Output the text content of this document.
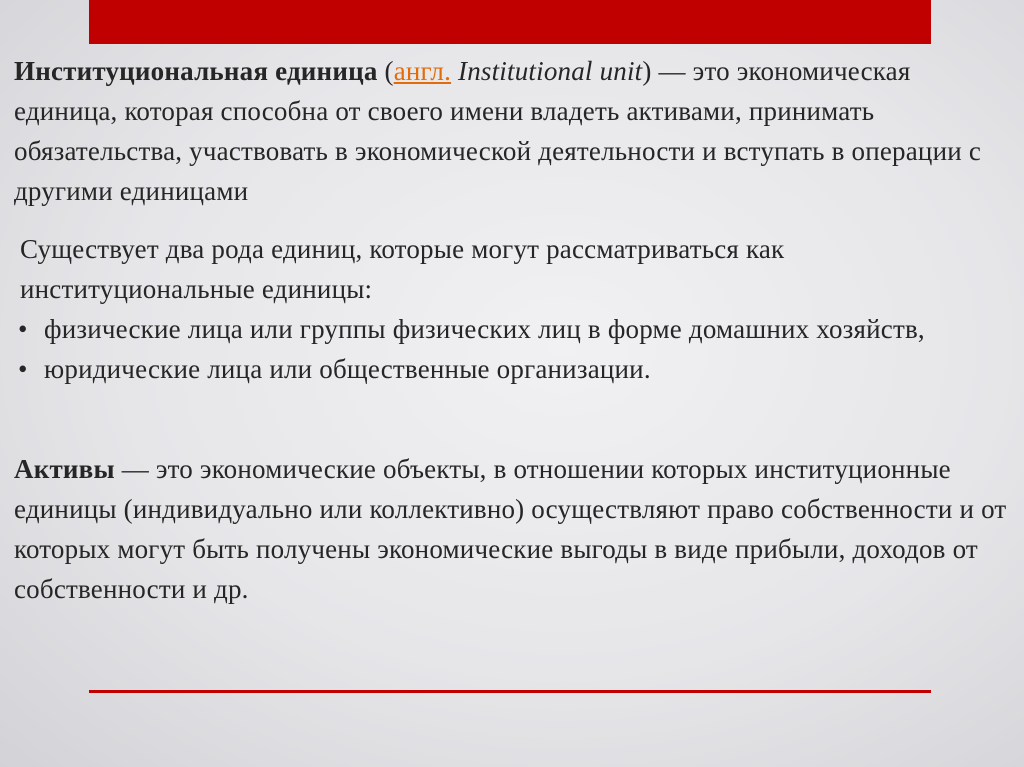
Институциональная единица (англ. Institutional unit) — это экономическая единица, которая способна от своего имени владеть активами, принимать обязательства, участвовать в экономической деятельности и вступать в операции с другими единицами

Существует два рода единиц, которые могут рассматриваться как институциональные единицы:
• физические лица или группы физических лиц в форме домашних хозяйств,
• юридические лица или общественные организации.

Активы — это экономические объекты, в отношении которых институционные единицы (индивидуально или коллективно) осуществляют право собственности и от которых могут быть получены экономические выгоды в виде прибыли, доходов от собственности и др.
